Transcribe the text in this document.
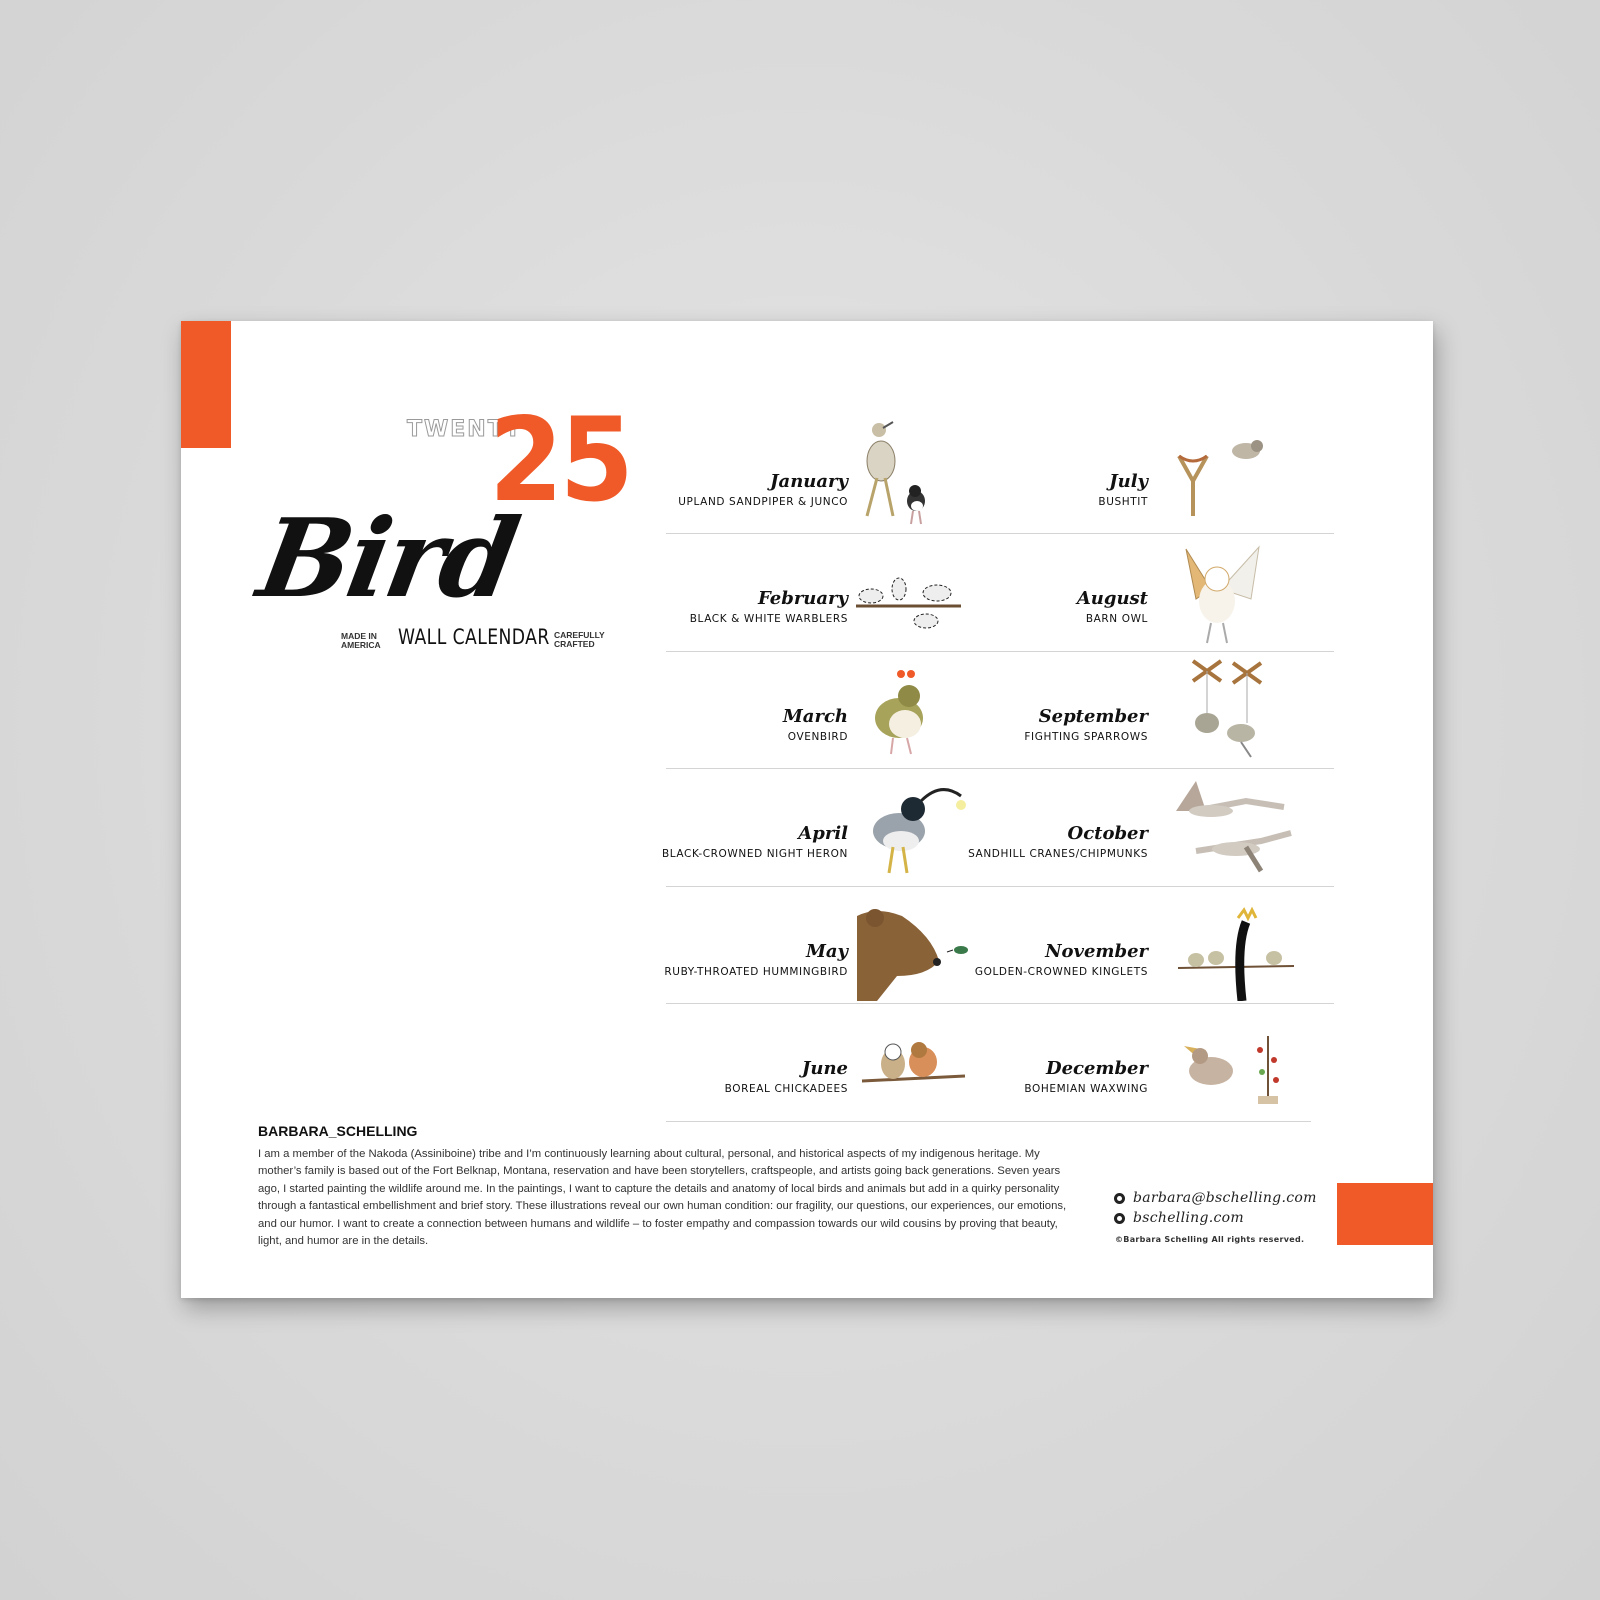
TWENTY
25
Bird
MADE IN AMERICA WALL CALENDAR CAREFULLY CRAFTED
January
UPLAND SANDPIPER & JUNCO
February
BLACK & WHITE WARBLERS
March
OVENBIRD
April
BLACK-CROWNED NIGHT HERON
May
RUBY-THROATED HUMMINGBIRD
June
BOREAL CHICKADEES
July
BUSHTIT
August
BARN OWL
September
FIGHTING SPARROWS
October
SANDHILL CRANES/CHIPMUNKS
November
GOLDEN-CROWNED KINGLETS
December
BOHEMIAN WAXWING
BARBARA_SCHELLING
I am a member of the Nakoda (Assiniboine) tribe and I’m continuously learning about cultural, personal, and historical aspects of my indigenous heritage. My mother’s family is based out of the Fort Belknap, Montana, reservation and have been storytellers, craftspeople, and artists going back generations. Seven years ago, I started painting the wildlife around me. In the paintings, I want to capture the details and anatomy of local birds and animals but add in a quirky personality through a fantastical embellishment and brief story. These illustrations reveal our own human condition: our fragility, our questions, our experiences, our emotions, and our humor. I want to create a connection between humans and wildlife – to foster empathy and compassion towards our wild cousins by proving that beauty, light, and humor are in the details.
barbara@bschelling.com
bschelling.com
©Barbara Schelling All rights reserved.
